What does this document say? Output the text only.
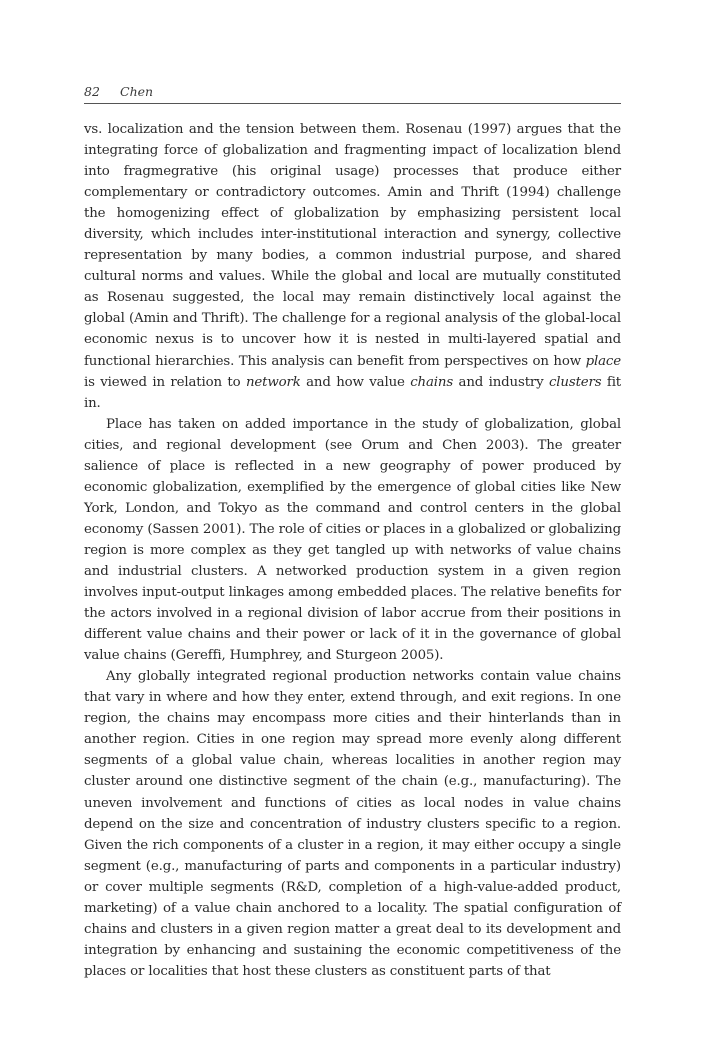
82 Chen

vs. localization and the tension between them. Rosenau (1997) argues that the integrating force of globalization and fragmenting impact of localization blend into fragmegrative (his original usage) processes that produce either complementary or contradictory outcomes. Amin and Thrift (1994) challenge the homogenizing effect of globalization by emphasizing persistent local diversity, which includes inter-institutional interaction and synergy, collective representation by many bodies, a common industrial purpose, and shared cultural norms and values. While the global and local are mutually constituted as Rosenau suggested, the local may remain distinctively local against the global (Amin and Thrift). The challenge for a regional analysis of the global-local economic nexus is to uncover how it is nested in multi-layered spatial and functional hierarchies. This analysis can benefit from perspectives on how place is viewed in relation to network and how value chains and industry clusters fit in.

Place has taken on added importance in the study of globalization, global cities, and regional development (see Orum and Chen 2003). The greater salience of place is reflected in a new geography of power produced by economic globalization, exemplified by the emergence of global cities like New York, London, and Tokyo as the command and control centers in the global economy (Sassen 2001). The role of cities or places in a globalized or globalizing region is more complex as they get tangled up with networks of value chains and industrial clusters. A networked production system in a given region involves input-output linkages among embedded places. The relative benefits for the actors involved in a regional division of labor accrue from their positions in different value chains and their power or lack of it in the governance of global value chains (Gereffi, Humphrey, and Sturgeon 2005).

Any globally integrated regional production networks contain value chains that vary in where and how they enter, extend through, and exit regions. In one region, the chains may encompass more cities and their hinterlands than in another region. Cities in one region may spread more evenly along different segments of a global value chain, whereas localities in another region may cluster around one distinctive segment of the chain (e.g., manufacturing). The uneven involvement and functions of cities as local nodes in value chains depend on the size and concentration of industry clusters specific to a region. Given the rich components of a cluster in a region, it may either occupy a single segment (e.g., manufacturing of parts and components in a particular industry) or cover multiple segments (R&D, completion of a high-value-added product, marketing) of a value chain anchored to a locality. The spatial configuration of chains and clusters in a given region matter a great deal to its development and integration by enhancing and sustaining the economic competitiveness of the places or localities that host these clusters as constituent parts of that
